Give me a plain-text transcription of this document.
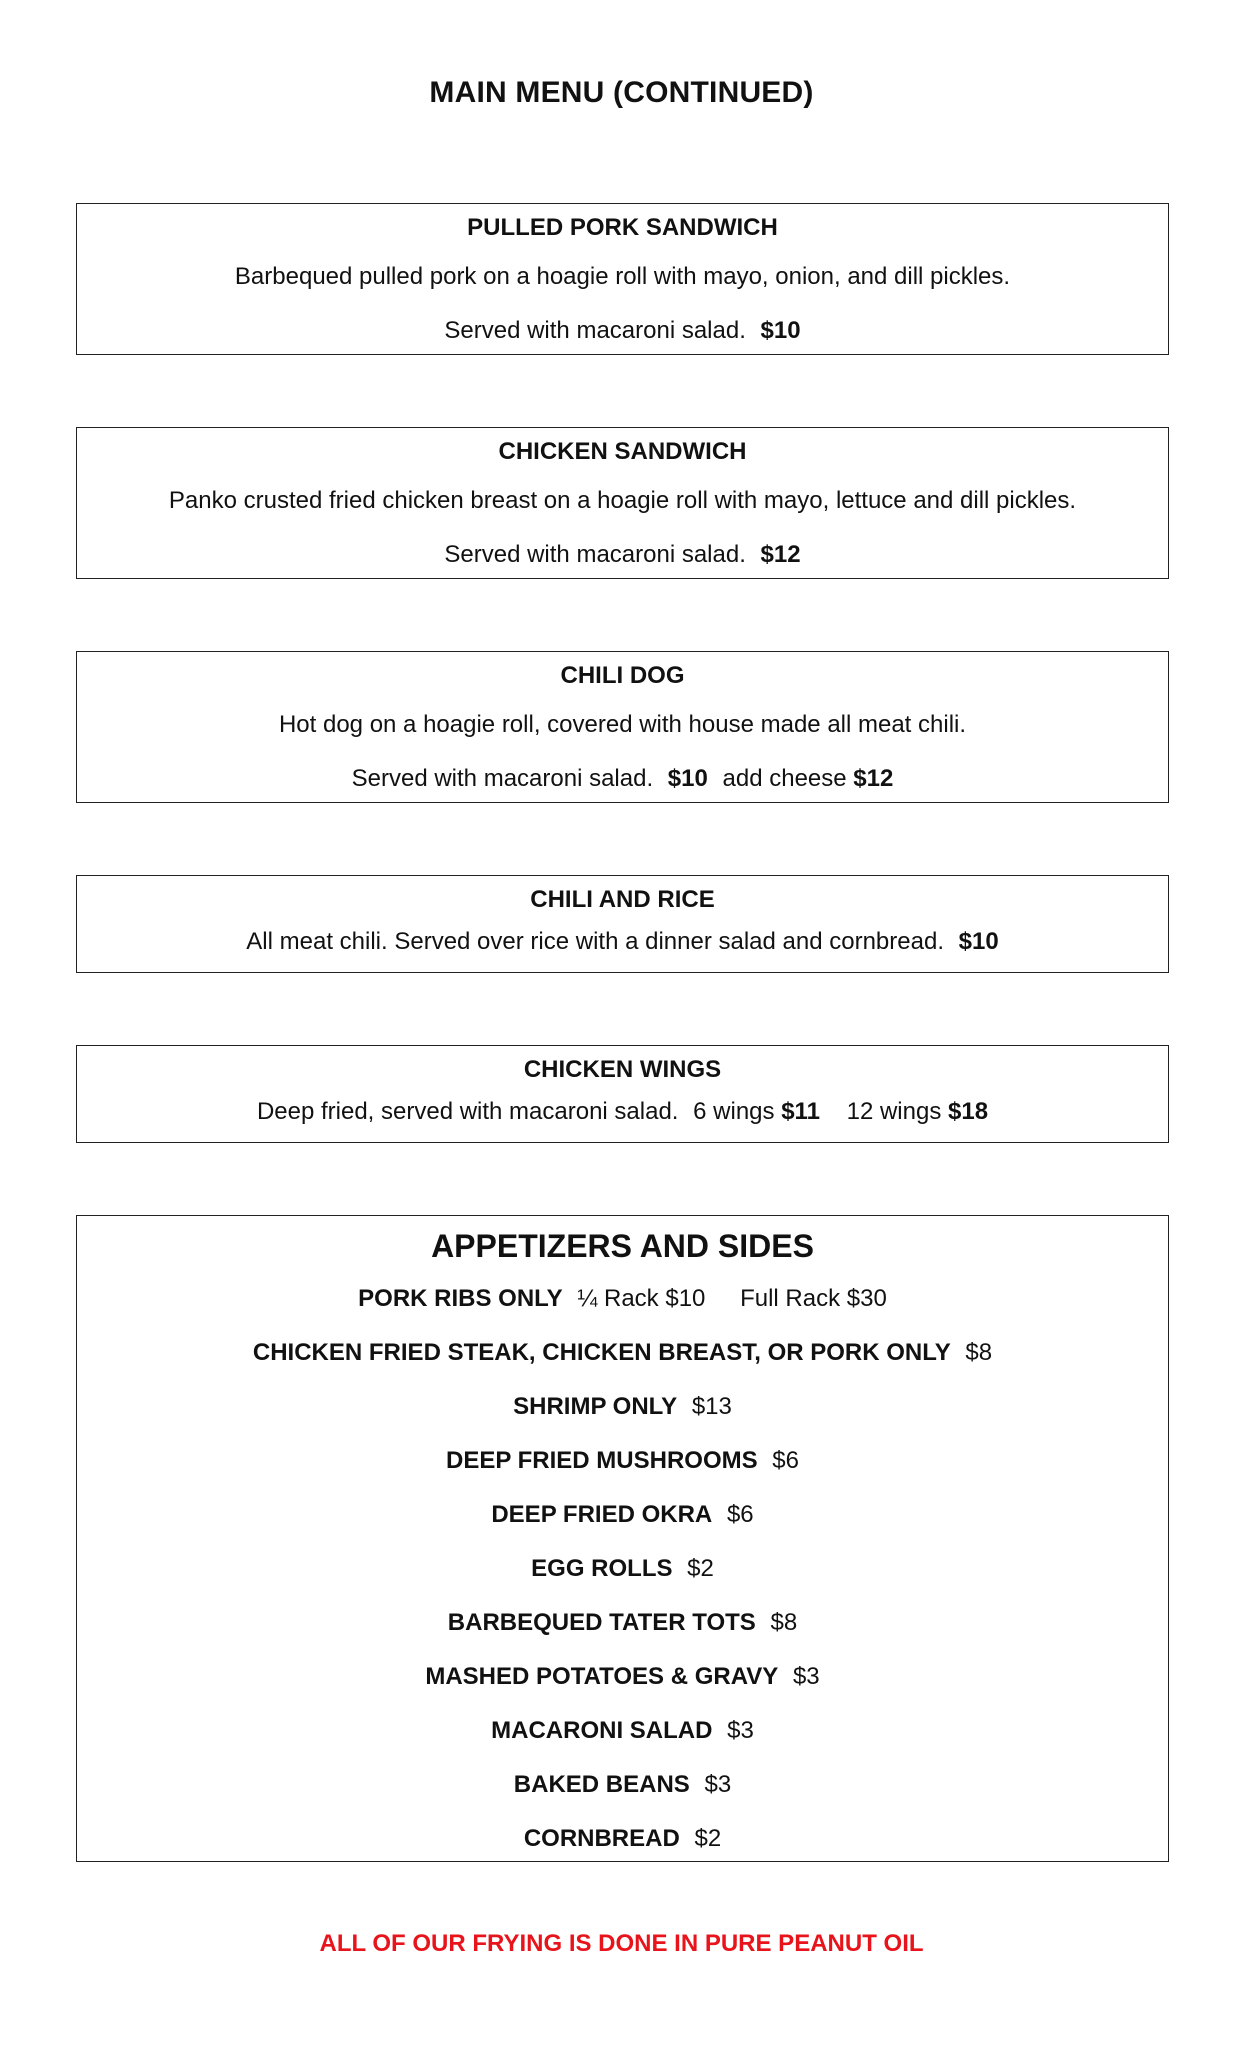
MAIN MENU (CONTINUED)
PULLED PORK SANDWICH
Barbequed pulled pork on a hoagie roll with mayo, onion, and dill pickles.
Served with macaroni salad. $10
CHICKEN SANDWICH
Panko crusted fried chicken breast on a hoagie roll with mayo, lettuce and dill pickles.
Served with macaroni salad. $12
CHILI DOG
Hot dog on a hoagie roll, covered with house made all meat chili.
Served with macaroni salad. $10 add cheese $12
CHILI AND RICE
All meat chili. Served over rice with a dinner salad and cornbread. $10
CHICKEN WINGS
Deep fried, served with macaroni salad. 6 wings $11 12 wings $18
APPETIZERS AND SIDES
PORK RIBS ONLY ¼ Rack $10 Full Rack $30
CHICKEN FRIED STEAK, CHICKEN BREAST, OR PORK ONLY $8
SHRIMP ONLY $13
DEEP FRIED MUSHROOMS $6
DEEP FRIED OKRA $6
EGG ROLLS $2
BARBEQUED TATER TOTS $8
MASHED POTATOES & GRAVY $3
MACARONI SALAD $3
BAKED BEANS $3
CORNBREAD $2
ALL OF OUR FRYING IS DONE IN PURE PEANUT OIL
